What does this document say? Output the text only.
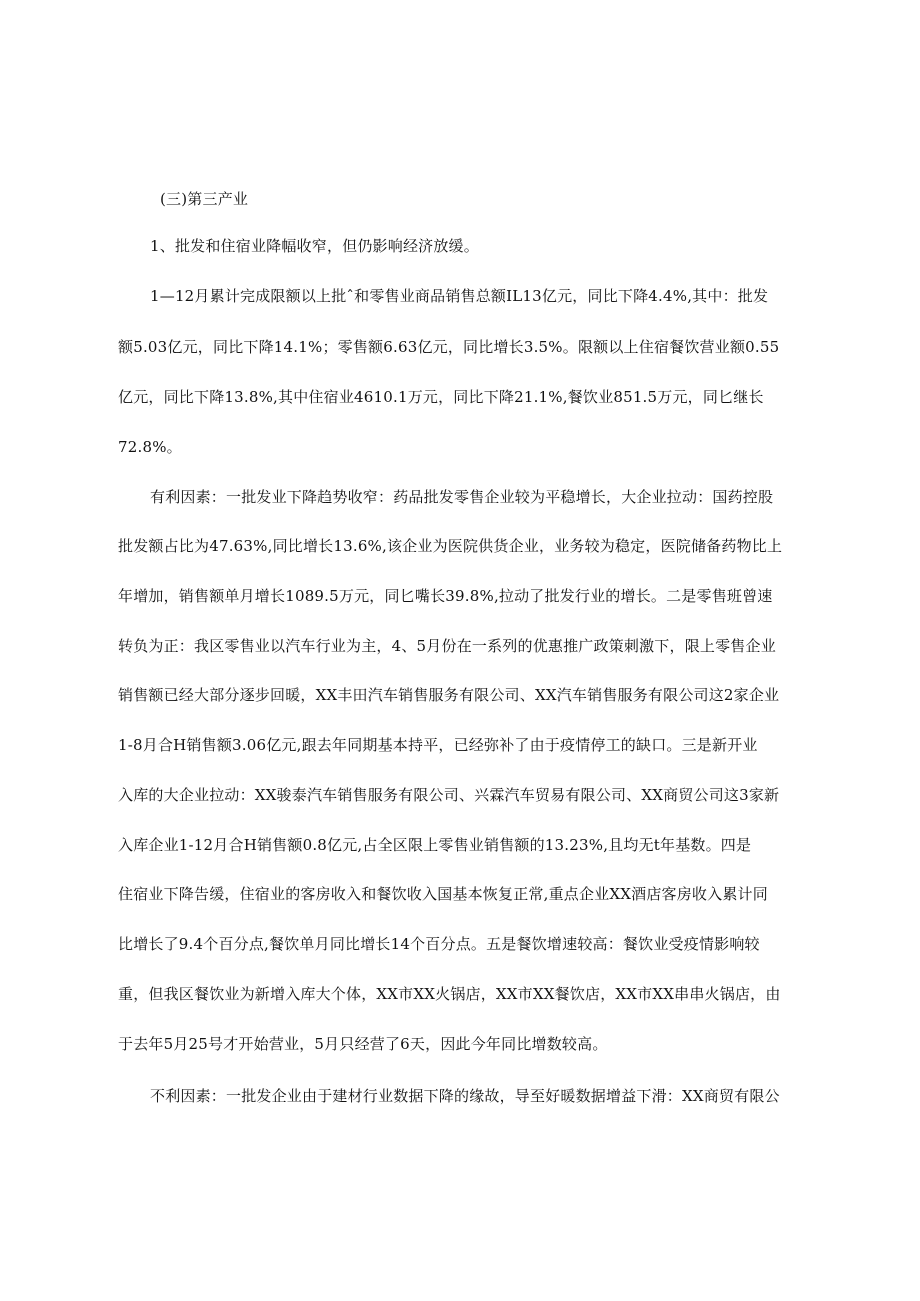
(三)第三产业
1、批发和住宿业降幅收窄，但仍影响经济放缓。
1—12月累计完成限额以上批ˆ和零售业商品销售总额IL13亿元，同比下降4.4%,其中：批发
额5.03亿元，同比下降14.1%；零售额6.63亿元，同比增长3.5%。限额以上住宿餐饮营业额0.55
亿元，同比下降13.8%,其中住宿业4610.1万元，同比下降21.1%,餐饮业851.5万元，同匕继长
72.8%。
有利因素：一批发业下降趋势收窄：药品批发零售企业较为平稳增长，大企业拉动：国药控股
批发额占比为47.63%,同比增长13.6%,该企业为医院供货企业，业务较为稳定，医院储备药物比上
年增加，销售额单月增长1089.5万元，同匕嘴长39.8%,拉动了批发行业的增长。二是零售班曾速
转负为正：我区零售业以汽车行业为主，4、5月份在一系列的优惠推广政策刺激下，限上零售企业
销售额已经大部分逐步回暖，XX丰田汽车销售服务有限公司、XX汽车销售服务有限公司这2家企业
1-8月合H销售额3.06亿元,跟去年同期基本持平，已经弥补了由于疫情停工的缺口。三是新开业
入库的大企业拉动：XX骏泰汽车销售服务有限公司、兴霖汽车贸易有限公司、XX商贸公司这3家新
入库企业1-12月合H销售额0.8亿元,占全区限上零售业销售额的13.23%,且均无t年基数。四是
住宿业下降告缓，住宿业的客房收入和餐饮收入国基本恢复正常,重点企业XX酒店客房收入累计同
比增长了9.4个百分点,餐饮单月同比增长14个百分点。五是餐饮增速较高：餐饮业受疫情影响较
重，但我区餐饮业为新增入库大个体，XX市XX火锅店，XX市XX餐饮店，XX市XX串串火锅店，由
于去年5月25号才开始营业，5月只经营了6天，因此今年同比增数较高。
不利因素：一批发企业由于建材行业数据下降的缘故，导至好暖数据增益下滑：XX商贸有限公
